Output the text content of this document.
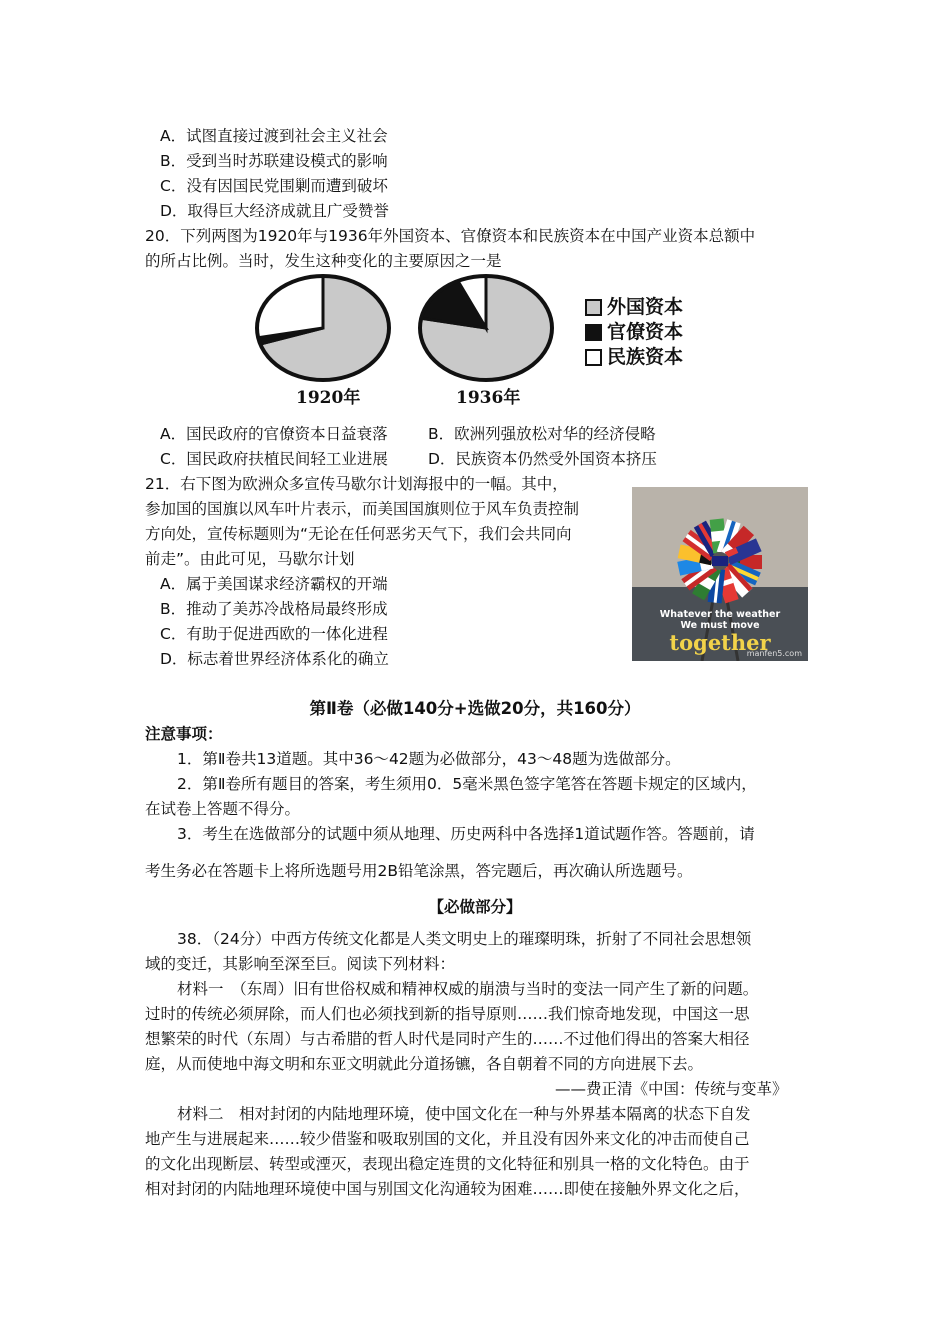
A．试图直接过渡到社会主义社会
B．受到当时苏联建设模式的影响
C．没有因国民党围剿而遭到破坏
D．取得巨大经济成就且广受赞誉
20．下列两图为1920年与1936年外国资本、官僚资本和民族资本在中国产业资本总额中
的所占比例。当时，发生这种变化的主要原因之一是
1920年	1936年
外国资本
官僚资本
民族资本
A．国民政府的官僚资本日益衰落	B．欧洲列强放松对华的经济侵略
C．国民政府扶植民间轻工业进展	D．民族资本仍然受外国资本挤压
21．右下图为欧洲众多宣传马歇尔计划海报中的一幅。其中，
参加国的国旗以风车叶片表示，而美国国旗则位于风车负责控制
方向处，宣传标题则为“无论在任何恶劣天气下，我们会共同向
前走”。由此可见，马歇尔计划
A．属于美国谋求经济霸权的开端
B．推动了美苏冷战格局最终形成
C．有助于促进西欧的一体化进程
D．标志着世界经济体系化的确立
Whatever the weather
We must move
together
manfen5.com
第Ⅱ卷（必做140分+选做20分，共160分）
注意事项：
1．第Ⅱ卷共13道题。其中36～42题为必做部分，43～48题为选做部分。
2．第Ⅱ卷所有题目的答案，考生须用0．5毫米黑色签字笔答在答题卡规定的区域内，
在试卷上答题不得分。
3．考生在选做部分的试题中须从地理、历史两科中各选择1道试题作答。答题前，请
考生务必在答题卡上将所选题号用2B铅笔涂黑，答完题后，再次确认所选题号。
【必做部分】
38．（24分）中西方传统文化都是人类文明史上的璀璨明珠，折射了不同社会思想领
域的变迁，其影响至深至巨。阅读下列材料：
材料一　（东周）旧有世俗权威和精神权威的崩溃与当时的变法一同产生了新的问题。
过时的传统必须屏除，而人们也必须找到新的指导原则……我们惊奇地发现，中国这一思
想繁荣的时代（东周）与古希腊的哲人时代是同时产生的……不过他们得出的答案大相径
庭，从而使地中海文明和东亚文明就此分道扬镳，各自朝着不同的方向进展下去。
——费正清《中国：传统与变革》
材料二　相对封闭的内陆地理环境，使中国文化在一种与外界基本隔离的状态下自发
地产生与进展起来……较少借鉴和吸取别国的文化，并且没有因外来文化的冲击而使自己
的文化出现断层、转型或湮灭，表现出稳定连贯的文化特征和别具一格的文化特色。由于
相对封闭的内陆地理环境使中国与别国文化沟通较为困难……即使在接触外界文化之后，
